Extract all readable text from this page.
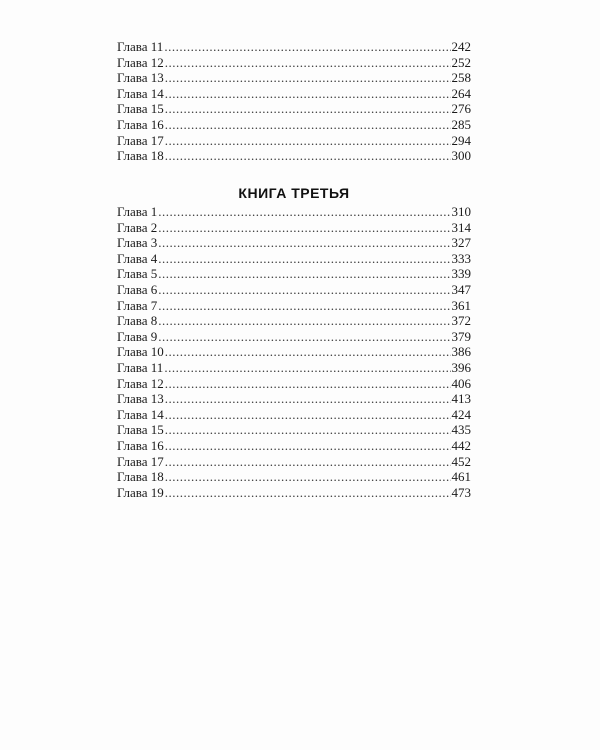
Глава 11 .....	242
Глава 12 .....	252
Глава 13 .....	258
Глава 14 .....	264
Глава 15 .....	276
Глава 16 .....	285
Глава 17 .....	294
Глава 18 .....	300
КНИГА ТРЕТЬЯ
Глава 1 .....	310
Глава 2 .....	314
Глава 3 .....	327
Глава 4 .....	333
Глава 5 .....	339
Глава 6 .....	347
Глава 7 .....	361
Глава 8 .....	372
Глава 9 .....	379
Глава 10 .....	386
Глава 11 .....	396
Глава 12 .....	406
Глава 13 .....	413
Глава 14 .....	424
Глава 15 .....	435
Глава 16 .....	442
Глава 17 .....	452
Глава 18 .....	461
Глава 19 .....	473
